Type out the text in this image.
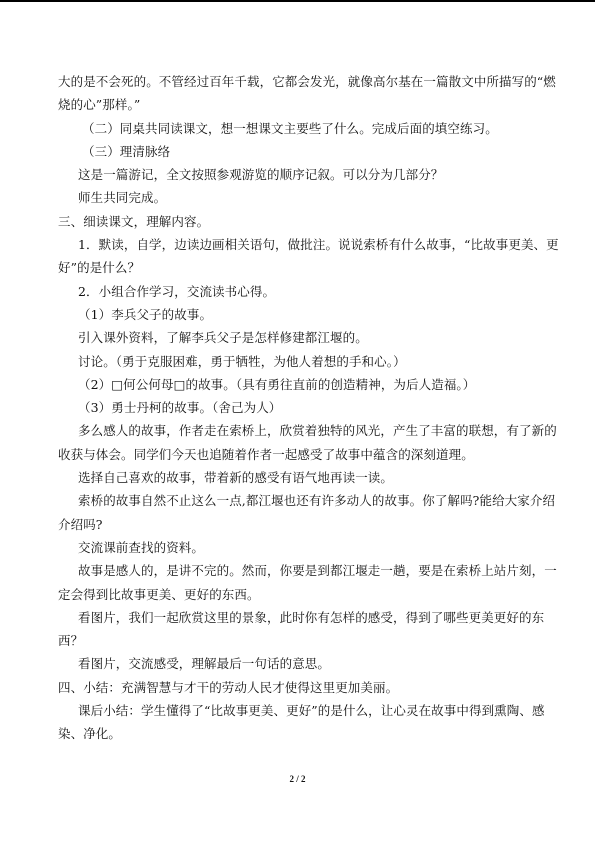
大的是不会死的。不管经过百年千载，它都会发光，就像高尔基在一篇散文中所描写的“燃
烧的心”那样。”
（二）同桌共同读课文，想一想课文主要些了什么。完成后面的填空练习。
（三）理清脉络
这是一篇游记，全文按照参观游览的顺序记叙。可以分为几部分？
师生共同完成。
三、细读课文，理解内容。
1．默读，自学，边读边画相关语句，做批注。说说索桥有什么故事，“比故事更美、更
好”的是什么？
2．小组合作学习，交流读书心得。
（1）李兵父子的故事。
引入课外资料，了解李兵父子是怎样修建都江堰的。
讨论。（勇于克服困难，勇于牺牲，为他人着想的手和心。）
（2）□何公何母□的故事。（具有勇往直前的创造精神，为后人造福。）
（3）勇士丹柯的故事。（舍己为人）
多么感人的故事，作者走在索桥上，欣赏着独特的风光，产生了丰富的联想，有了新的
收获与体会。同学们今天也追随着作者一起感受了故事中蕴含的深刻道理。
选择自己喜欢的故事，带着新的感受有语气地再读一读。
索桥的故事自然不止这么一点,都江堰也还有许多动人的故事。你了解吗?能给大家介绍
介绍吗?
交流课前查找的资料。
故事是感人的，是讲不完的。然而，你要是到都江堰走一趟，要是在索桥上站片刻，一
定会得到比故事更美、更好的东西。
看图片，我们一起欣赏这里的景象，此时你有怎样的感受，得到了哪些更美更好的东
西？
看图片，交流感受，理解最后一句话的意思。
四、小结：充满智慧与才干的劳动人民才使得这里更加美丽。
课后小结：学生懂得了“比故事更美、更好”的是什么，让心灵在故事中得到熏陶、感
染、净化。
2 / 2
